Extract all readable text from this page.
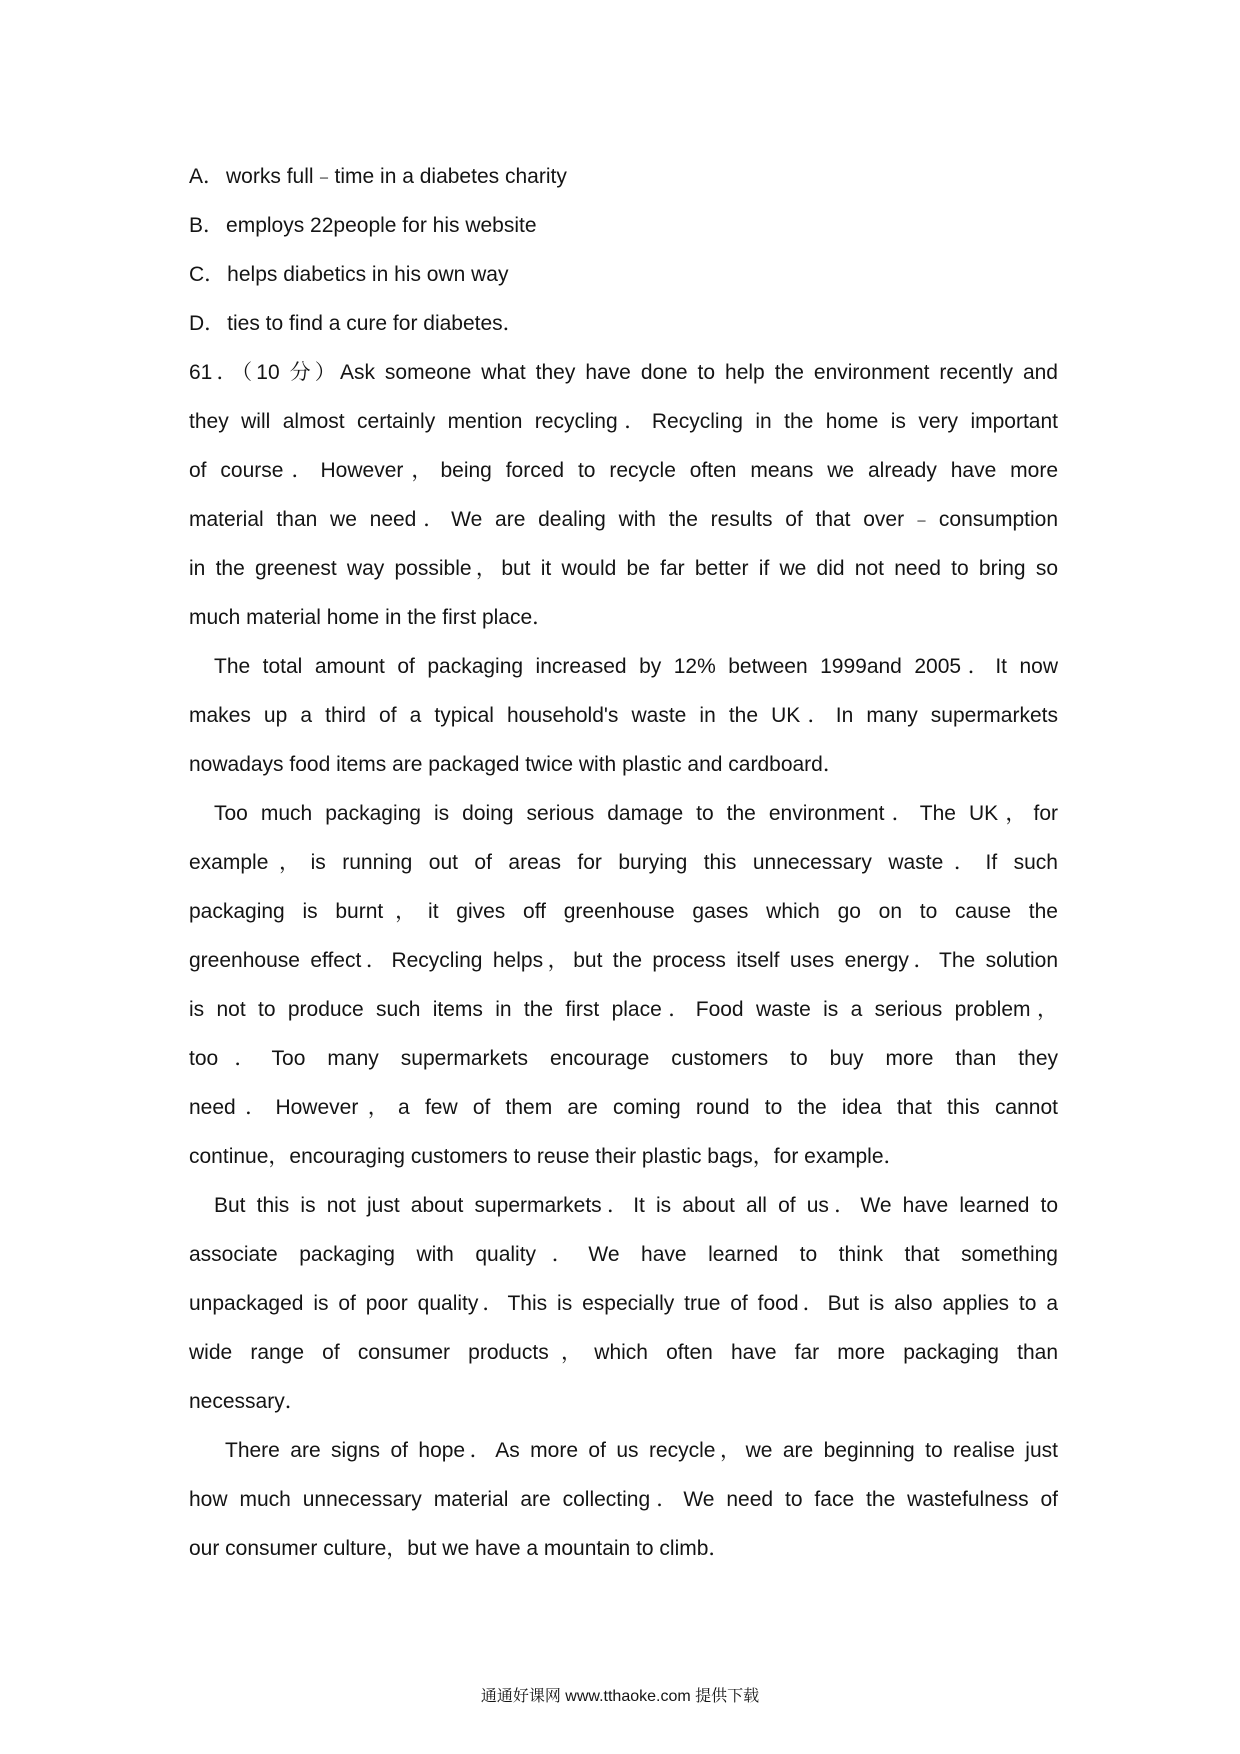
A．works full﹣time in a diabetes charity
B．employs 22people for his website
C．helps diabetics in his own way
D．ties to find a cure for diabetes．
61．（10 分）Ask someone what they have done to help the environment recently and
they will almost certainly mention recycling．Recycling in the home is very important
of course．However，being forced to recycle often means we already have more
material than we need．We are dealing with the results of that over﹣consumption
in the greenest way possible，but it would be far better if we did not need to bring so
much material home in the first place．
The total amount of packaging increased by 12% between 1999and 2005．It now
makes up a third of a typical household's waste in the UK．In many supermarkets
nowadays food items are packaged twice with plastic and cardboard．
Too much packaging is doing serious damage to the environment．The UK，for
example，is running out of areas for burying this unnecessary waste．If such
packaging is burnt，it gives off greenhouse gases which go on to cause the
greenhouse effect．Recycling helps，but the process itself uses energy．The solution
is not to produce such items in the first place．Food waste is a serious problem，
too．Too many supermarkets encourage customers to buy more than they
need．However，a few of them are coming round to the idea that this cannot
continue，encouraging customers to reuse their plastic bags，for example．
But this is not just about supermarkets．It is about all of us．We have learned to
associate packaging with quality．We have learned to think that something
unpackaged is of poor quality．This is especially true of food．But is also applies to a
wide range of consumer products，which often have far more packaging than
necessary．
There are signs of hope．As more of us recycle，we are beginning to realise just
how much unnecessary material are collecting．We need to face the wastefulness of
our consumer culture，but we have a mountain to climb．
通通好课网 www.tthaoke.com 提供下载
